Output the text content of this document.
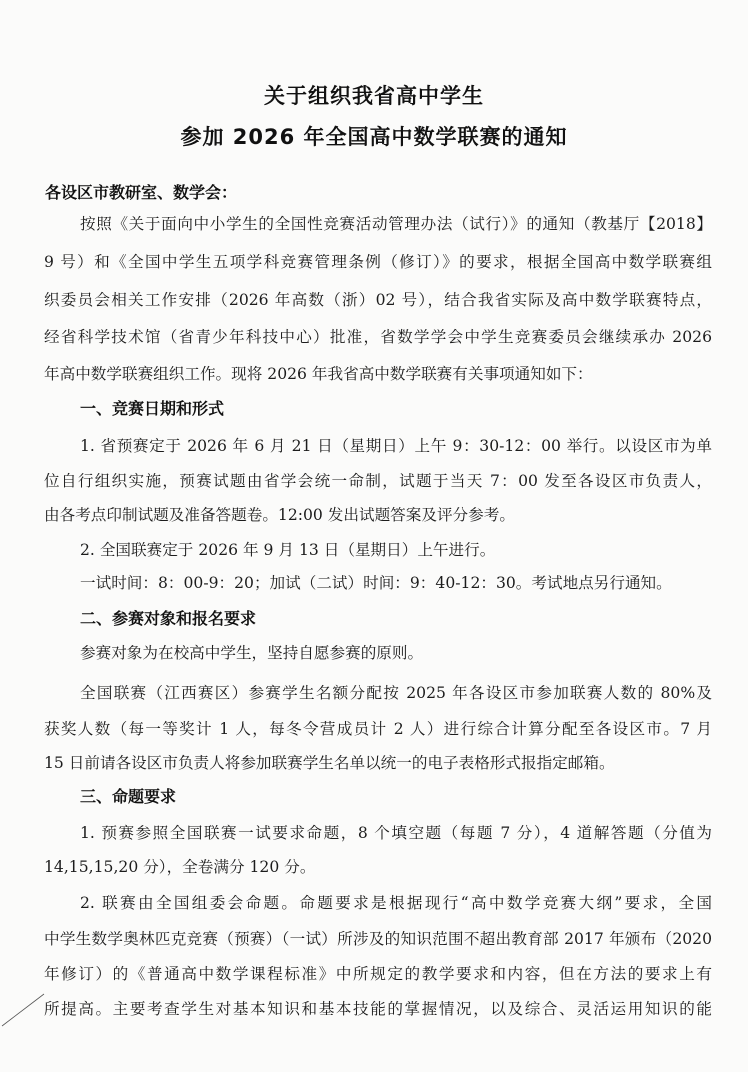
关于组织我省高中学生
参加 2026 年全国高中数学联赛的通知
各设区市教研室、数学会：
按照《关于面向中小学生的全国性竞赛活动管理办法（试行）》的通知（教基厅【2018】
9 号）和《全国中学生五项学科竞赛管理条例（修订）》的要求，根据全国高中数学联赛组
织委员会相关工作安排（2026 年高数（浙）02 号），结合我省实际及高中数学联赛特点，
经省科学技术馆（省青少年科技中心）批准，省数学学会中学生竞赛委员会继续承办 2026
年高中数学联赛组织工作。现将 2026 年我省高中数学联赛有关事项通知如下：
一、竞赛日期和形式
1. 省预赛定于 2026 年 6 月 21 日（星期日）上午 9：30-12：00 举行。以设区市为单
位自行组织实施，预赛试题由省学会统一命制，试题于当天 7：00 发至各设区市负责人，
由各考点印制试题及准备答题卷。12:00 发出试题答案及评分参考。
2. 全国联赛定于 2026 年 9 月 13 日（星期日）上午进行。
一试时间：8：00-9：20；加试（二试）时间：9：40-12：30。考试地点另行通知。
二、参赛对象和报名要求
参赛对象为在校高中学生，坚持自愿参赛的原则。
全国联赛（江西赛区）参赛学生名额分配按 2025 年各设区市参加联赛人数的 80%及
获奖人数（每一等奖计 1 人，每冬令营成员计 2 人）进行综合计算分配至各设区市。7 月
15 日前请各设区市负责人将参加联赛学生名单以统一的电子表格形式报指定邮箱。
三、命题要求
1. 预赛参照全国联赛一试要求命题，8 个填空题（每题 7 分），4 道解答题（分值为
14,15,15,20 分），全卷满分 120 分。
2. 联赛由全国组委会命题。命题要求是根据现行“高中数学竞赛大纲”要求，全国
中学生数学奥林匹克竞赛（预赛）（一试）所涉及的知识范围不超出教育部 2017 年颁布（2020
年修订）的《普通高中数学课程标准》中所规定的教学要求和内容，但在方法的要求上有
所提高。主要考查学生对基本知识和基本技能的掌握情况，以及综合、灵活运用知识的能
